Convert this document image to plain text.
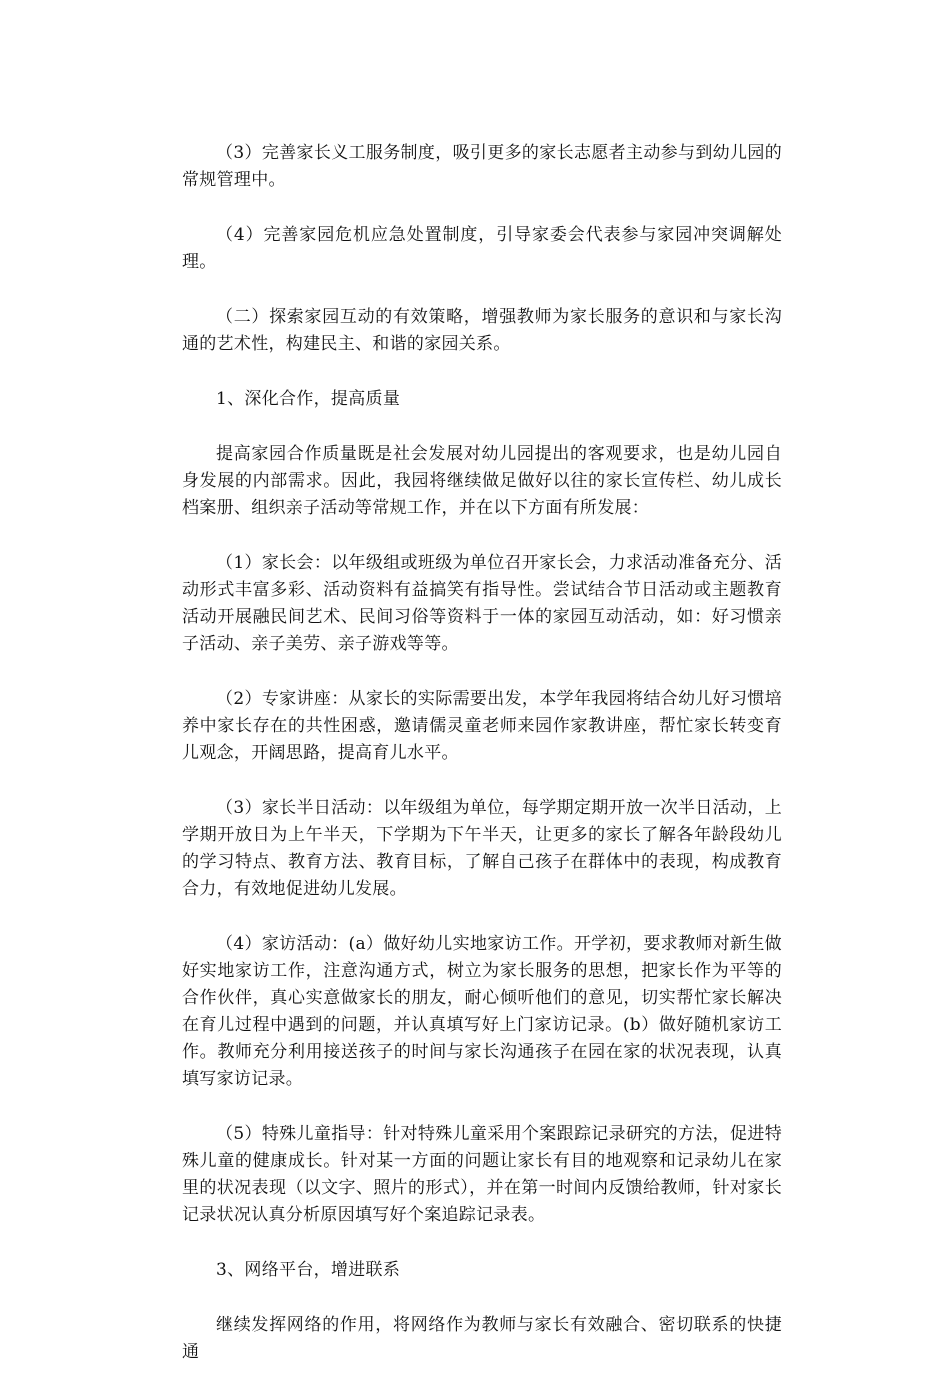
（3）完善家长义工服务制度，吸引更多的家长志愿者主动参与到幼儿园的常规管理中。

（4）完善家园危机应急处置制度，引导家委会代表参与家园冲突调解处理。

（二）探索家园互动的有效策略，增强教师为家长服务的意识和与家长沟通的艺术性，构建民主、和谐的家园关系。

1、深化合作，提高质量

提高家园合作质量既是社会发展对幼儿园提出的客观要求，也是幼儿园自身发展的内部需求。因此，我园将继续做足做好以往的家长宣传栏、幼儿成长档案册、组织亲子活动等常规工作，并在以下方面有所发展：

（1）家长会：以年级组或班级为单位召开家长会，力求活动准备充分、活动形式丰富多彩、活动资料有益搞笑有指导性。尝试结合节日活动或主题教育活动开展融民间艺术、民间习俗等资料于一体的家园互动活动，如：好习惯亲子活动、亲子美劳、亲子游戏等等。

（2）专家讲座：从家长的实际需要出发，本学年我园将结合幼儿好习惯培养中家长存在的共性困惑，邀请儒灵童老师来园作家教讲座，帮忙家长转变育儿观念，开阔思路，提高育儿水平。

（3）家长半日活动：以年级组为单位，每学期定期开放一次半日活动，上学期开放日为上午半天，下学期为下午半天，让更多的家长了解各年龄段幼儿的学习特点、教育方法、教育目标，了解自己孩子在群体中的表现，构成教育合力，有效地促进幼儿发展。

（4）家访活动：(a）做好幼儿实地家访工作。开学初，要求教师对新生做好实地家访工作，注意沟通方式，树立为家长服务的思想，把家长作为平等的合作伙伴，真心实意做家长的朋友，耐心倾听他们的意见，切实帮忙家长解决在育儿过程中遇到的问题，并认真填写好上门家访记录。(b）做好随机家访工作。教师充分利用接送孩子的时间与家长沟通孩子在园在家的状况表现，认真填写家访记录。

（5）特殊儿童指导：针对特殊儿童采用个案跟踪记录研究的方法，促进特殊儿童的健康成长。针对某一方面的问题让家长有目的地观察和记录幼儿在家里的状况表现（以文字、照片的形式），并在第一时间内反馈给教师，针对家长记录状况认真分析原因填写好个案追踪记录表。

3、网络平台，增进联系

继续发挥网络的作用，将网络作为教师与家长有效融合、密切联系的快捷通
